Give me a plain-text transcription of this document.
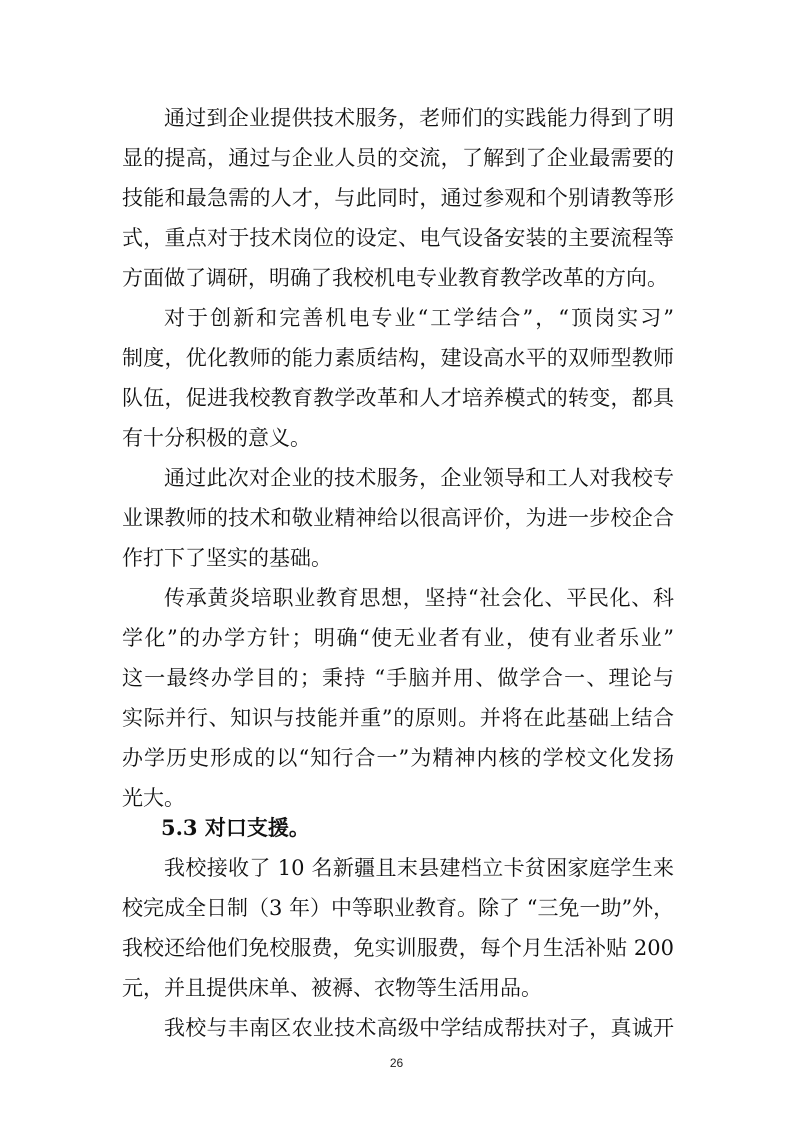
通过到企业提供技术服务，老师们的实践能力得到了明
显的提高，通过与企业人员的交流，了解到了企业最需要的
技能和最急需的人才，与此同时，通过参观和个别请教等形
式，重点对于技术岗位的设定、电气设备安装的主要流程等
方面做了调研，明确了我校机电专业教育教学改革的方向。
对于创新和完善机电专业“工学结合”，“顶岗实习”
制度，优化教师的能力素质结构，建设高水平的双师型教师
队伍，促进我校教育教学改革和人才培养模式的转变，都具
有十分积极的意义。
通过此次对企业的技术服务，企业领导和工人对我校专
业课教师的技术和敬业精神给以很高评价，为进一步校企合
作打下了坚实的基础。
传承黄炎培职业教育思想，坚持“社会化、平民化、科
学化”的办学方针；明确“使无业者有业，使有业者乐业”
这一最终办学目的；秉持 “手脑并用、做学合一、理论与
实际并行、知识与技能并重”的原则。并将在此基础上结合
办学历史形成的以“知行合一”为精神内核的学校文化发扬
光大。
5.3 对口支援。
我校接收了 10 名新疆且末县建档立卡贫困家庭学生来
校完成全日制（3 年）中等职业教育。除了 “三免一助”外，
我校还给他们免校服费，免实训服费，每个月生活补贴 200
元，并且提供床单、被褥、衣物等生活用品。
我校与丰南区农业技术高级中学结成帮扶对子，真诚开
26
